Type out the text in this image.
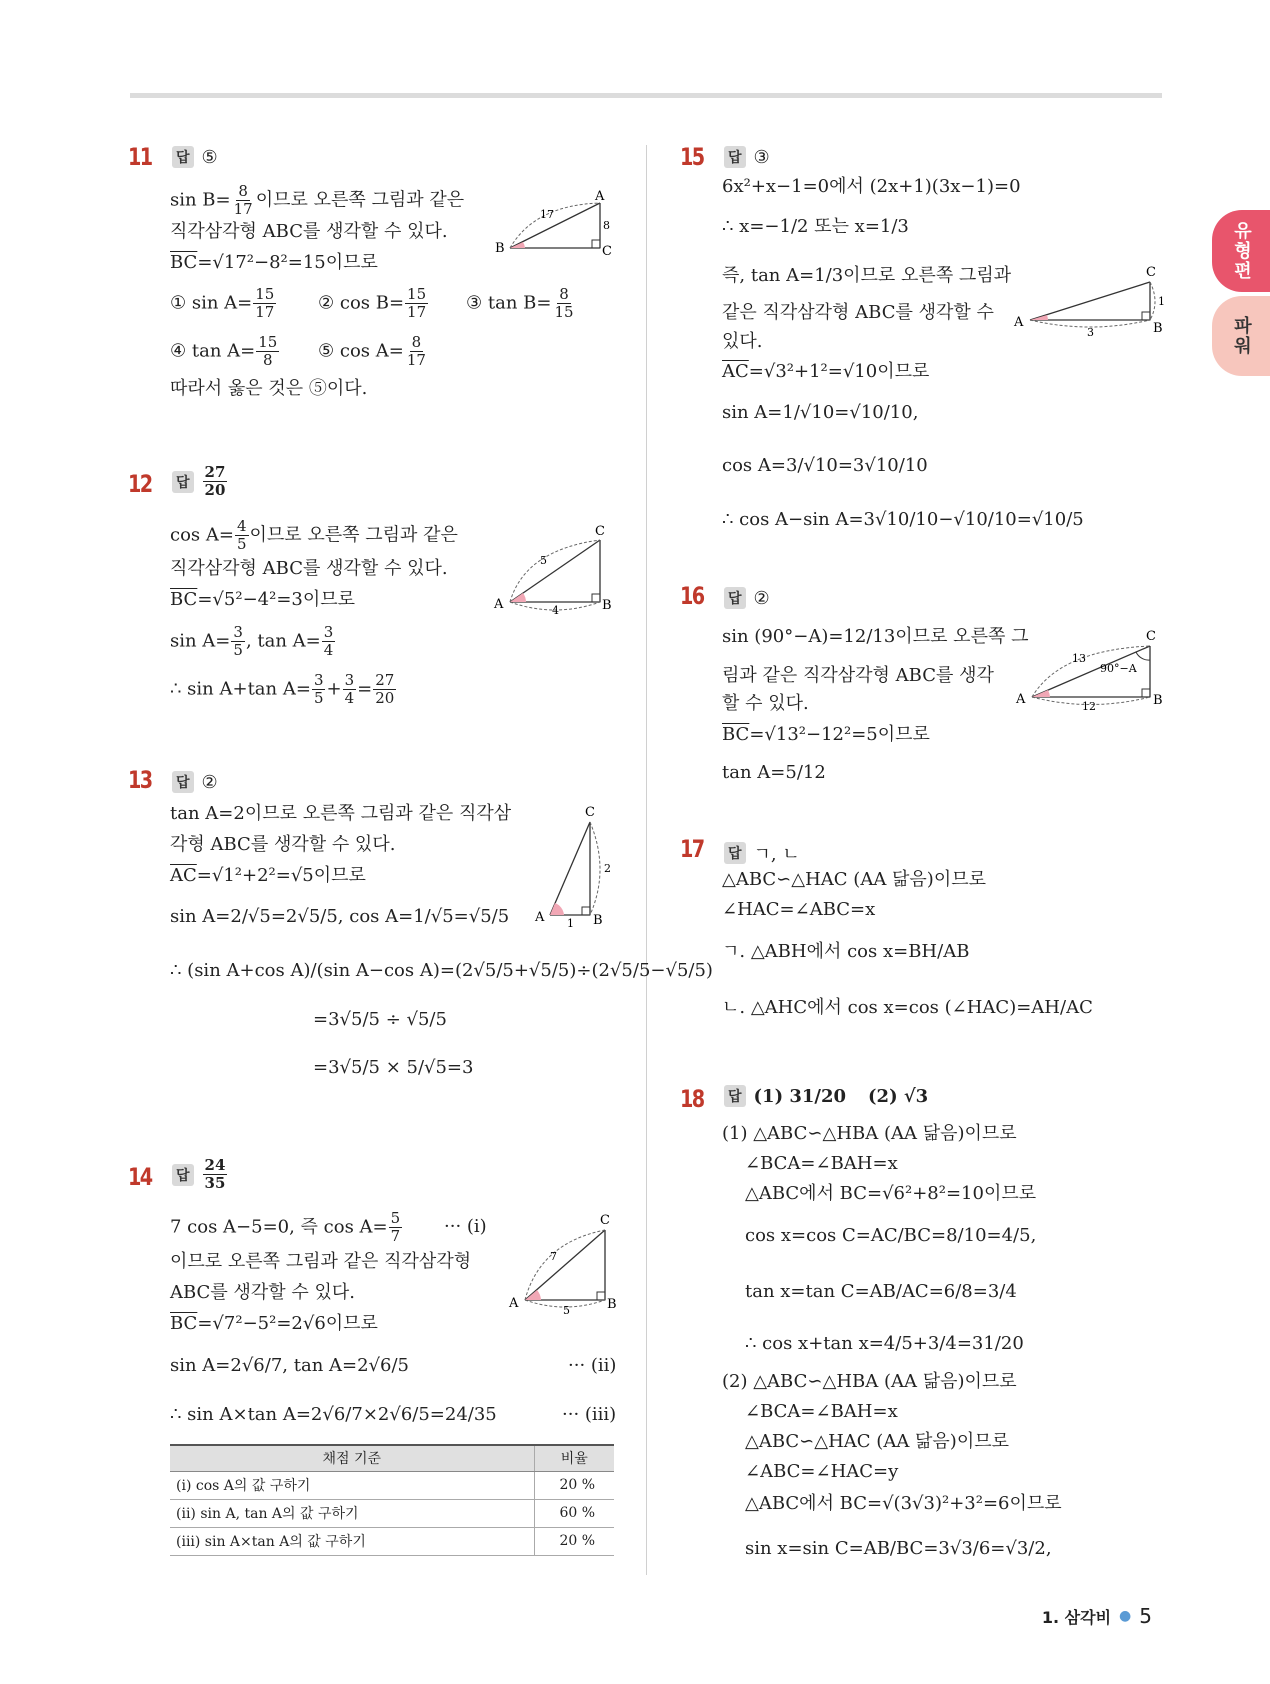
유형편
파워
11 답 ⑤
$\sin B= \frac{8}{17}$ 이므로 오른쪽 그림과 같은
직각삼각형 ABC를 생각할 수 있다.
$\overline{BC}=√17^2-8^2=15$이므로
① $\sin A= \frac{15}{17}$ ② $\cos B= \frac{15}{17}$ ③ $\tan B= \frac{8}{15}$
④ $\tan A= \frac{15}{8}$ ⑤ $\cos A= \frac{8}{17}$
따라서 옳은 것은 ⑤이다.
A
B	C
17
8
12 답 $\frac{27}{20}$
$\cos A= \frac{4}{5}$ 이므로 오른쪽 그림과 같은
직각삼각형 ABC를 생각할 수 있다.
$\overline{BC}=√5^2-4^2=3$이므로
$\sin A= \frac{3}{5}$ , $\tan A= \frac{3}{4}$
∴ sin A+tan $A= \frac{3}{5} + \frac{3}{4} = \frac{27}{20}$
A	B
C
5
4
13 답 ②
tan A=2이므로 오른쪽 그림과 같은 직각삼
각형 ABC를 생각할 수 있다.
$\overline{AC}=√1^2+2^2=√5$이므로
sin A=2/√5=2√5/5, cos A=1/√5=√5/5
∴ (sin A+cos A)/(sin A−cos A)=(2√5/5+√5/5)÷(2√5/5−√5/5)
=3√5/5 ÷ √5/5
=3√5/5 × 5/√5=3
A	B
C
1
2
14 답 $\frac{24}{35}$
7 cos A−5=0, 즉 $\cos A= \frac{5}{7}$ ··· (i)
이므로 오른쪽 그림과 같은 직각삼각형
ABC를 생각할 수 있다.
$\overline{BC}=√7^2-5^2=2√6$이므로
sin A=2√6/7, tan A=2√6/5	··· (ii)
∴ sin A×tan A=2√6/7×2√6/5=24/35	··· (iii)
A	B
C
7
5
채점 기준	비율
(i) cos A의 값 구하기	20 %
(ii) sin A, tan A의 값 구하기	60 %
(iii) sin A×tan A의 값 구하기	20 %
15 답 ③
6x²+x−1=0에서 (2x+1)(3x−1)=0
∴ x=−1/2 또는 x=1/3
즉, tan A=1/3이므로 오른쪽 그림과
같은 직각삼각형 ABC를 생각할 수
있다.
$\overline{AC}=√3^2+1^2=√10$이므로
sin A=1/√10=√10/10,
cos A=3/√10=3√10/10
∴ cos A−sin A=3√10/10−√10/10=√10/5
A	B
C
3
1
16 답 ②
sin (90°−A)=12/13이므로 오른쪽 그
림과 같은 직각삼각형 ABC를 생각
할 수 있다.
$\overline{BC}=√13^2-12^2=5$이므로
tan A=5/12
A	B
C
13
12
90°−A
17 답 ㄱ, ㄴ
△ABC∽△HAC (AA 닮음)이므로
∠HAC=∠ABC=x
ㄱ. △ABH에서 cos x=BH/AB
ㄴ. △AHC에서 cos x=cos (∠HAC)=AH/AC
18 답 (1) 31/20 (2) √3
(1) △ABC∽△HBA (AA 닮음)이므로
∠BCA=∠BAH=x
△ABC에서 BC=√6²+8²=10이므로
cos x=cos C=AC/BC=8/10=4/5,
tan x=tan C=AB/AC=6/8=3/4
∴ cos x+tan x=4/5+3/4=31/20
(2) △ABC∽△HBA (AA 닮음)이므로
∠BCA=∠BAH=x
△ABC∽△HAC (AA 닮음)이므로
∠ABC=∠HAC=y
△ABC에서 BC=√(3√3)²+3²=6이므로
sin x=sin C=AB/BC=3√3/6=√3/2,
1. 삼각비 ● 5
